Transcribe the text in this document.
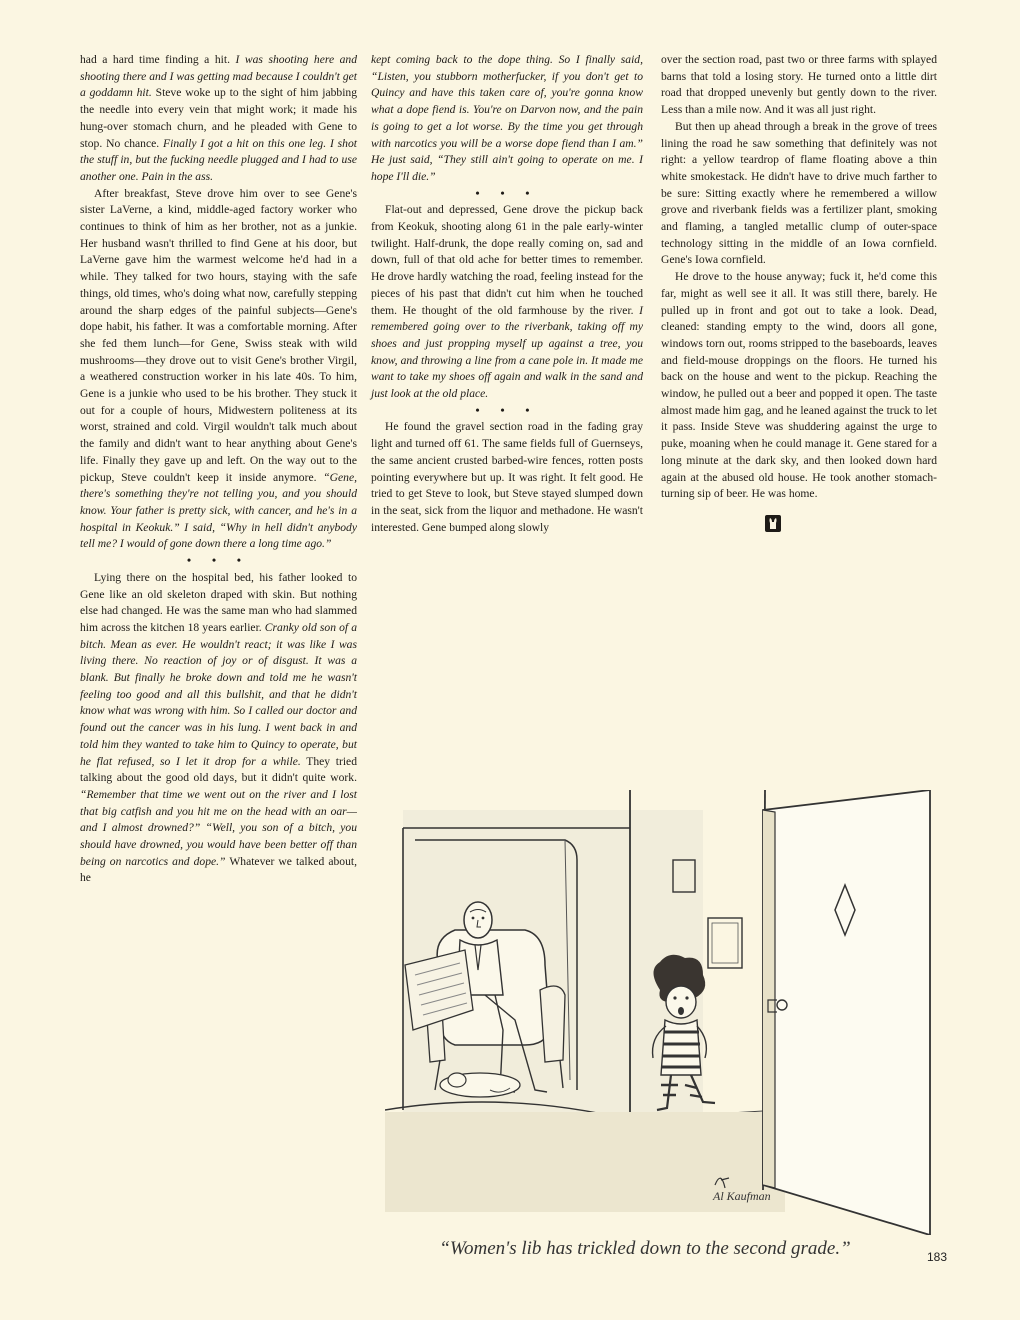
had a hard time finding a hit. I was shooting here and shooting there and I was getting mad because I couldn't get a goddamn hit. Steve woke up to the sight of him jabbing the needle into every vein that might work; it made his hung-over stomach churn, and he pleaded with Gene to stop. No chance. Finally I got a hit on this one leg. I shot the stuff in, but the fucking needle plugged and I had to use another one. Pain in the ass.

After breakfast, Steve drove him over to see Gene's sister LaVerne, a kind, middle-aged factory worker who continues to think of him as her brother, not as a junkie. Her husband wasn't thrilled to find Gene at his door, but LaVerne gave him the warmest welcome he'd had in a while. They talked for two hours, staying with the safe things, old times, who's doing what now, carefully stepping around the sharp edges of the painful subjects—Gene's dope habit, his father. It was a comfortable morning. After she fed them lunch—for Gene, Swiss steak with wild mushrooms—they drove out to visit Gene's brother Virgil, a weathered construction worker in his late 40s. To him, Gene is a junkie who used to be his brother. They stuck it out for a couple of hours, Midwestern politeness at its worst, strained and cold. Virgil wouldn't talk much about the family and didn't want to hear anything about Gene's life. Finally they gave up and left. On the way out to the pickup, Steve couldn't keep it inside anymore. “Gene, there's something they're not telling you, and you should know. Your father is pretty sick, with cancer, and he's in a hospital in Keokuk.” I said, “Why in hell didn't anybody tell me? I would of gone down there a long time ago.”

• • •

Lying there on the hospital bed, his father looked to Gene like an old skeleton draped with skin. But nothing else had changed. He was the same man who had slammed him across the kitchen 18 years earlier. Cranky old son of a bitch. Mean as ever. He wouldn't react; it was like I was living there. No reaction of joy or of disgust. It was a blank. But finally he broke down and told me he wasn't feeling too good and all this bullshit, and that he didn't know what was wrong with him. So I called our doctor and found out the cancer was in his lung. I went back in and told him they wanted to take him to Quincy to operate, but he flat refused, so I let it drop for a while. They tried talking about the good old days, but it didn't quite work. “Remember that time we went out on the river and I lost that big catfish and you hit me on the head with an oar—and I almost drowned?” “Well, you son of a bitch, you should have drowned, you would have been better off than being on narcotics and dope.” Whatever we talked about, he

kept coming back to the dope thing. So I finally said, “Listen, you stubborn motherfucker, if you don't get to Quincy and have this taken care of, you're gonna know what a dope fiend is. You're on Darvon now, and the pain is going to get a lot worse. By the time you get through with narcotics you will be a worse dope fiend than I am.” He just said, “They still ain't going to operate on me. I hope I'll die.”

• • •

Flat-out and depressed, Gene drove the pickup back from Keokuk, shooting along 61 in the pale early-winter twilight. Half-drunk, the dope really coming on, sad and down, full of that old ache for better times to remember. He drove hardly watching the road, feeling instead for the pieces of his past that didn't cut him when he touched them. He thought of the old farmhouse by the river. I remembered going over to the riverbank, taking off my shoes and just propping myself up against a tree, you know, and throwing a line from a cane pole in. It made me want to take my shoes off again and walk in the sand and just look at the old place.

• • •

He found the gravel section road in the fading gray light and turned off 61. The same fields full of Guernseys, the same ancient crusted barbed-wire fences, rotten posts pointing everywhere but up. It was right. It felt good. He tried to get Steve to look, but Steve stayed slumped down in the seat, sick from the liquor and methadone. He wasn't interested. Gene bumped along slowly

over the section road, past two or three farms with splayed barns that told a losing story. He turned onto a little dirt road that dropped unevenly but gently down to the river. Less than a mile now. And it was all just right.

But then up ahead through a break in the grove of trees lining the road he saw something that definitely was not right: a yellow teardrop of flame floating above a thin white smokestack. He didn't have to drive much farther to be sure: Sitting exactly where he remembered a willow grove and riverbank fields was a fertilizer plant, smoking and flaming, a tangled metallic clump of outer-space technology sitting in the middle of an Iowa cornfield. Gene's Iowa cornfield.

He drove to the house anyway; fuck it, he'd come this far, might as well see it all. It was still there, barely. He pulled up in front and got out to take a look. Dead, cleaned: standing empty to the wind, doors all gone, windows torn out, rooms stripped to the baseboards, leaves and field-mouse droppings on the floors. He turned his back on the house and went to the pickup. Reaching the window, he pulled out a beer and popped it open. The taste almost made him gag, and he leaned against the truck to let it pass. Inside Steve was shuddering against the urge to puke, moaning when he could manage it. Gene stared for a long minute at the dark sky, and then looked down hard again at the abused old house. He took another stomach-turning sip of beer. He was home.

Al Kaufman
“Women's lib has trickled down to the second grade.”	183
